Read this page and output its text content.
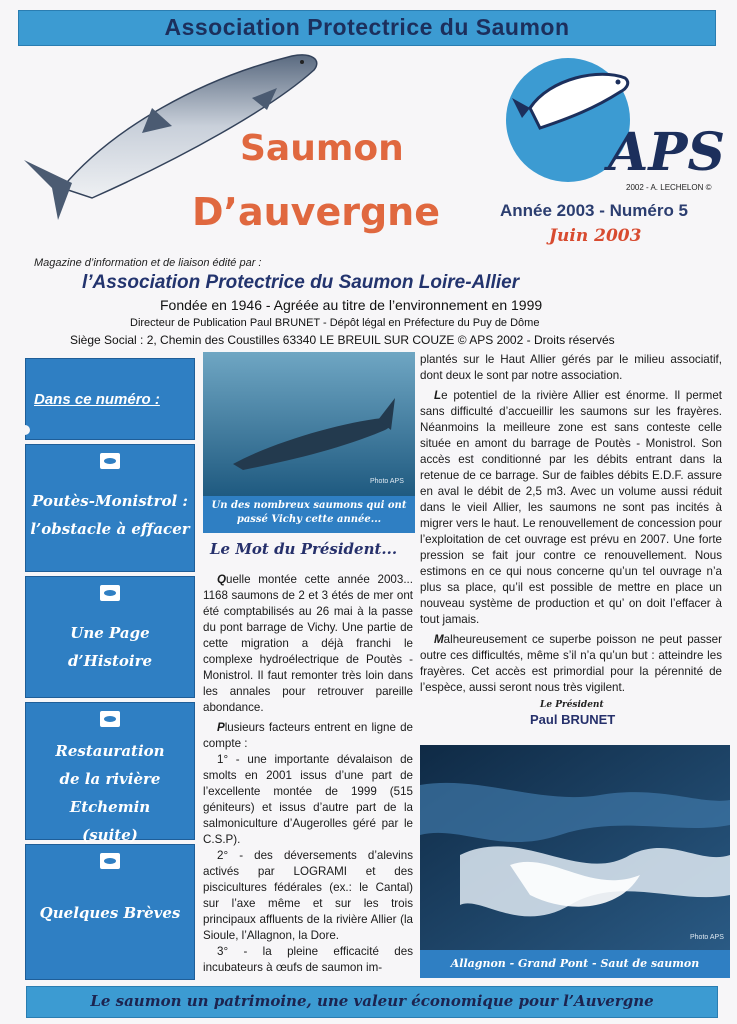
Association Protectrice du Saumon
Saumon
D’auvergne
APS
2002 - A. LECHELON ©
Année 2003 - Numéro 5
Juin 2003
Magazine d’information et de liaison édité par :
l’Association Protectrice du Saumon Loire-Allier
Fondée en 1946 - Agréée au titre de l’environnement en 1999
Directeur de Publication Paul BRUNET - Dépôt légal en Préfecture du Puy de Dôme
Siège Social : 2, Chemin des Coustilles 63340 LE BREUIL SUR COUZE © APS 2002 - Droits réservés
Dans ce numéro :
Poutès-Monistrol : l’obstacle à effacer
Une Page d’Histoire
Restauration de la rivière Etchemin (suite)
Quelques Brèves
Photo APS
Un des nombreux saumons qui ont passé Vichy cette année...
Le Mot du Président...

Quelle montée cette année 2003... 1168 saumons de 2 et 3 étés de mer ont été comptabilisés au 26 mai à la passe du pont barrage de Vichy. Une partie de cette migration a déjà franchi le complexe hydroélectrique de Poutès - Monistrol. Il faut remonter très loin dans les annales pour retrouver pareille abondance.

Plusieurs facteurs entrent en ligne de compte :

1° - une importante dévalaison de smolts en 2001 issus d’une part de l’excellente montée de 1999 (515 géniteurs) et issus d’autre part de la salmoniculture d’Augerolles géré par le C.S.P).

2° - des déversements d’alevins activés par LOGRAMI et des piscicultures fédérales (ex.: le Cantal) sur l’axe même et sur les trois principaux affluents de la rivière Allier (la Sioule, l’Allagnon, la Dore.

3° - la pleine efficacité des incubateurs à œufs de saumon im-

plantés sur le Haut Allier gérés par le milieu associatif, dont deux le sont par notre association.

Le potentiel de la rivière Allier est énorme. Il permet sans difficulté d’accueillir les saumons sur les frayères. Néanmoins la meilleure zone est sans conteste celle située en amont du barrage de Poutès - Monistrol. Son accès est conditionné par les débits entrant dans la retenue de ce barrage. Sur de faibles débits E.D.F. assure en aval le débit de 2,5 m3. Avec un volume aussi réduit dans le vieil Allier, les saumons ne sont pas incités à migrer vers le haut. Le renouvellement de concession pour l’exploitation de cet ouvrage est prévu en 2007. Une forte pression se fait jour contre ce renouvellement. Nous estimons en ce qui nous concerne qu’un tel ouvrage n’a plus sa place, qu’il est possible de mettre en place un nouveau système de production et qu’ on doit l’effacer à tout jamais.

Malheureusement ce superbe poisson ne peut passer outre ces difficultés, même s’il n’a qu’un but : atteindre les frayères. Cet accès est primordial pour la pérennité de l’espèce, aussi seront nous très vigilent.

Le Président
Paul BRUNET
Photo APS
Allagnon - Grand Pont - Saut de saumon
Le saumon un patrimoine, une valeur économique pour l’Auvergne
